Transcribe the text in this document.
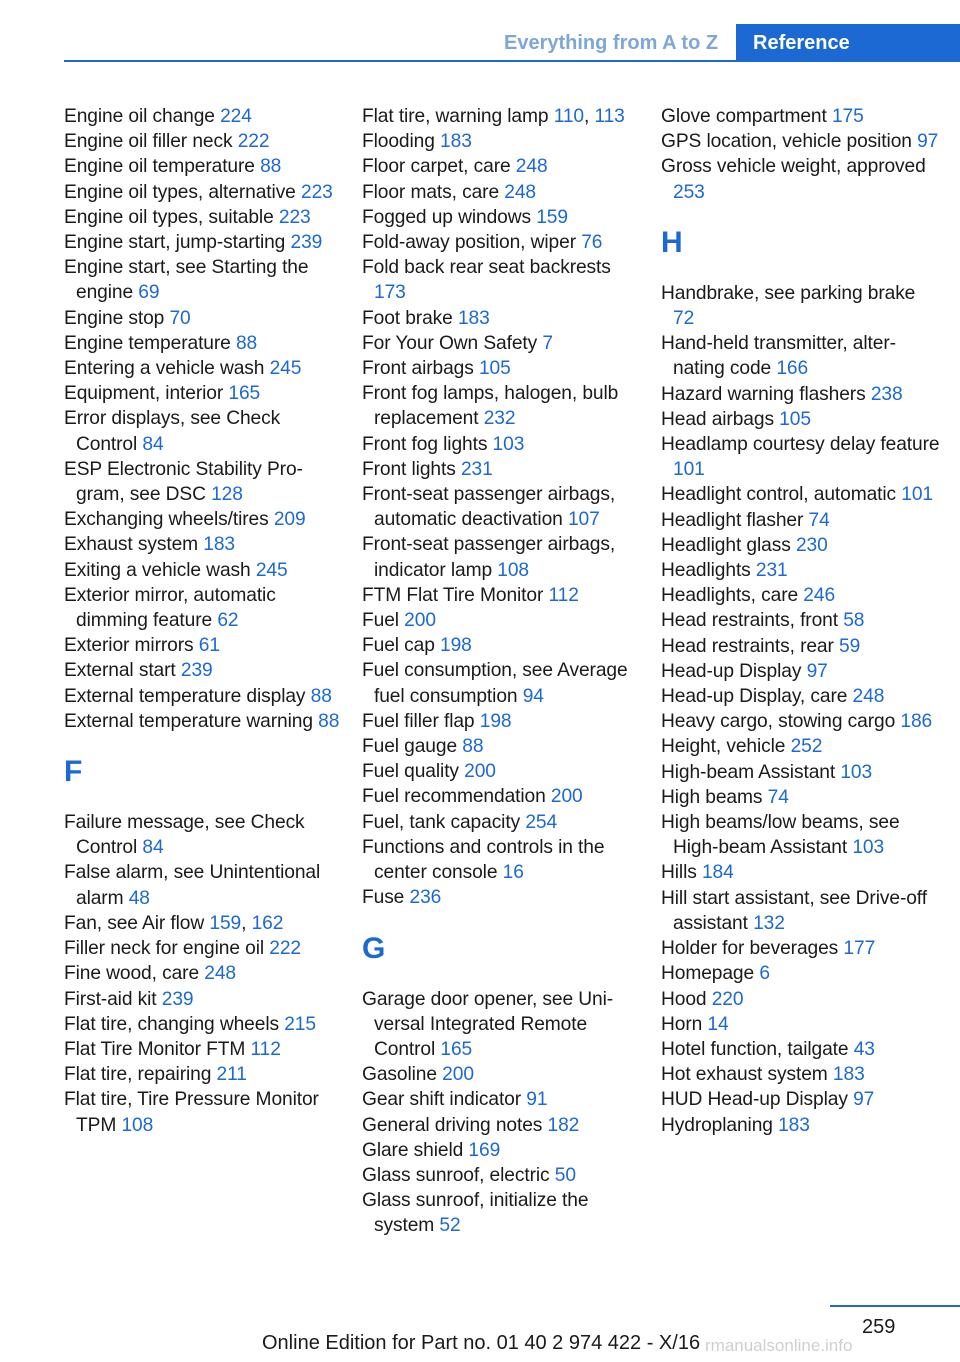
Everything from A to Z	Reference
Engine oil change 224
Engine oil filler neck 222
Engine oil temperature 88
Engine oil types, alternative 223
Engine oil types, suitable 223
Engine start, jump-starting 239
Engine start, see Starting the engine 69
Engine stop 70
Engine temperature 88
Entering a vehicle wash 245
Equipment, interior 165
Error displays, see Check Control 84
ESP Electronic Stability Program, see DSC 128
Exchanging wheels/tires 209
Exhaust system 183
Exiting a vehicle wash 245
Exterior mirror, automatic dimming feature 62
Exterior mirrors 61
External start 239
External temperature display 88
External temperature warning 88
F
Failure message, see Check Control 84
False alarm, see Unintentional alarm 48
Fan, see Air flow 159, 162
Filler neck for engine oil 222
Fine wood, care 248
First-aid kit 239
Flat tire, changing wheels 215
Flat Tire Monitor FTM 112
Flat tire, repairing 211
Flat tire, Tire Pressure Monitor TPM 108
Flat tire, warning lamp 110, 113
Flooding 183
Floor carpet, care 248
Floor mats, care 248
Fogged up windows 159
Fold-away position, wiper 76
Fold back rear seat backrests 173
Foot brake 183
For Your Own Safety 7
Front airbags 105
Front fog lamps, halogen, bulb replacement 232
Front fog lights 103
Front lights 231
Front-seat passenger airbags, automatic deactivation 107
Front-seat passenger airbags, indicator lamp 108
FTM Flat Tire Monitor 112
Fuel 200
Fuel cap 198
Fuel consumption, see Average fuel consumption 94
Fuel filler flap 198
Fuel gauge 88
Fuel quality 200
Fuel recommendation 200
Fuel, tank capacity 254
Functions and controls in the center console 16
Fuse 236
G
Garage door opener, see Universal Integrated Remote Control 165
Gasoline 200
Gear shift indicator 91
General driving notes 182
Glare shield 169
Glass sunroof, electric 50
Glass sunroof, initialize the system 52
Glove compartment 175
GPS location, vehicle position 97
Gross vehicle weight, approved 253
H
Handbrake, see parking brake 72
Hand-held transmitter, alternating code 166
Hazard warning flashers 238
Head airbags 105
Headlamp courtesy delay feature 101
Headlight control, automatic 101
Headlight flasher 74
Headlight glass 230
Headlights 231
Headlights, care 246
Head restraints, front 58
Head restraints, rear 59
Head-up Display 97
Head-up Display, care 248
Heavy cargo, stowing cargo 186
Height, vehicle 252
High-beam Assistant 103
High beams 74
High beams/low beams, see High-beam Assistant 103
Hills 184
Hill start assistant, see Drive-off assistant 132
Holder for beverages 177
Homepage 6
Hood 220
Horn 14
Hotel function, tailgate 43
Hot exhaust system 183
HUD Head-up Display 97
Hydroplaning 183
259
Online Edition for Part no. 01 40 2 974 422 - X/16 rmanualsonline.info
